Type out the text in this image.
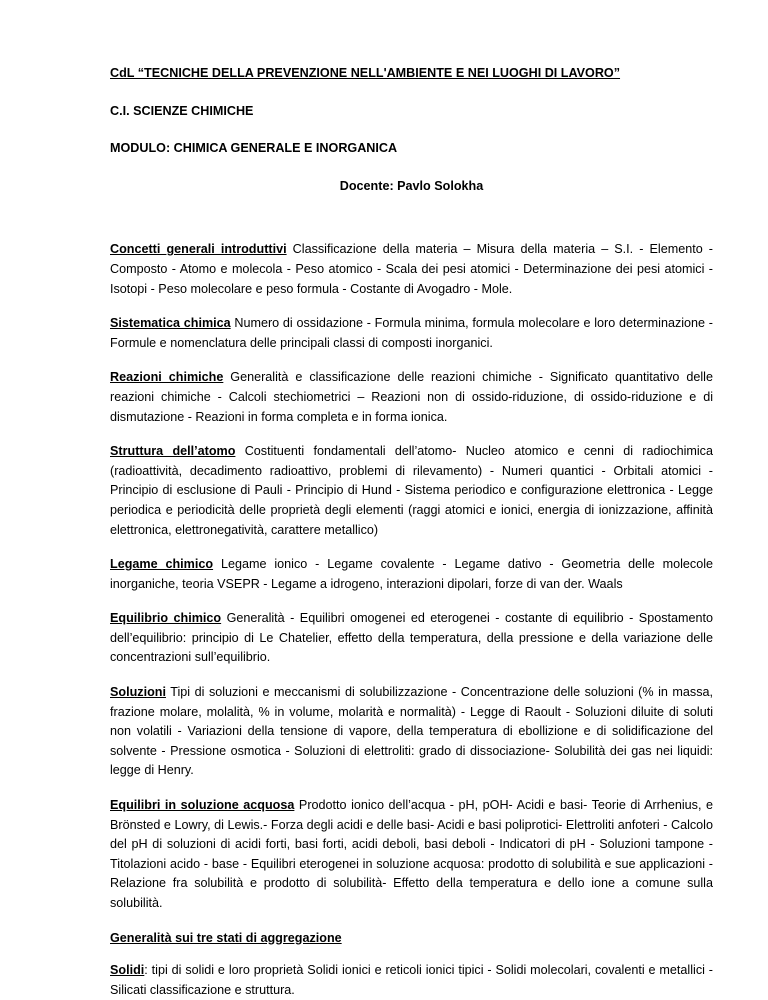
CdL “TECNICHE DELLA PREVENZIONE NELL'AMBIENTE E NEI LUOGHI DI LAVORO”
C.I. SCIENZE CHIMICHE
MODULO: CHIMICA GENERALE E INORGANICA
Docente: Pavlo Solokha

Concetti generali introduttivi Classificazione della materia – Misura della materia – S.I. - Elemento - Composto - Atomo e molecola - Peso atomico - Scala dei pesi atomici - Determinazione dei pesi atomici - Isotopi - Peso molecolare e peso formula - Costante di Avogadro - Mole.

Sistematica chimica Numero di ossidazione - Formula minima, formula molecolare e loro determinazione - Formule e nomenclatura delle principali classi di composti inorganici.

Reazioni chimiche Generalità e classificazione delle reazioni chimiche - Significato quantitativo delle reazioni chimiche - Calcoli stechiometrici – Reazioni non di ossido-riduzione, di ossido-riduzione e di dismutazione - Reazioni in forma completa e in forma ionica.

Struttura dell’atomo Costituenti fondamentali dell’atomo- Nucleo atomico e cenni di radiochimica (radioattività, decadimento radioattivo, problemi di rilevamento) - Numeri quantici - Orbitali atomici - Principio di esclusione di Pauli - Principio di Hund - Sistema periodico e configurazione elettronica - Legge periodica e periodicità delle proprietà degli elementi (raggi atomici e ionici, energia di ionizzazione, affinità elettronica, elettronegatività, carattere metallico)

Legame chimico Legame ionico - Legame covalente - Legame dativo - Geometria delle molecole inorganiche, teoria VSEPR - Legame a idrogeno, interazioni dipolari, forze di van der. Waals

Equilibrio chimico Generalità - Equilibri omogenei ed eterogenei - costante di equilibrio - Spostamento dell’equilibrio: principio di Le Chatelier, effetto della temperatura, della pressione e della variazione delle concentrazioni sull’equilibrio.

Soluzioni Tipi di soluzioni e meccanismi di solubilizzazione - Concentrazione delle soluzioni (% in massa, frazione molare, molalità, % in volume, molarità e normalità) - Legge di Raoult - Soluzioni diluite di soluti non volatili - Variazioni della tensione di vapore, della temperatura di ebollizione e di solidificazione del solvente - Pressione osmotica - Soluzioni di elettroliti: grado di dissociazione- Solubilità dei gas nei liquidi: legge di Henry.

Equilibri in soluzione acquosa Prodotto ionico dell’acqua - pH, pOH- Acidi e basi- Teorie di Arrhenius, e Brönsted e Lowry, di Lewis.- Forza degli acidi e delle basi- Acidi e basi poliprotici- Elettroliti anfoteri - Calcolo del pH di soluzioni di acidi forti, basi forti, acidi deboli, basi deboli - Indicatori di pH - Soluzioni tampone - Titolazioni acido - base - Equilibri eterogenei in soluzione acquosa: prodotto di solubilità e sue applicazioni - Relazione fra solubilità e prodotto di solubilità- Effetto della temperatura e dello ione a comune sulla solubilità.

Generalità sui tre stati di aggregazione

Solidi: tipi di solidi e loro proprietà Solidi ionici e reticoli ionici tipici - Solidi molecolari, covalenti e metallici - Silicati classificazione e struttura.
